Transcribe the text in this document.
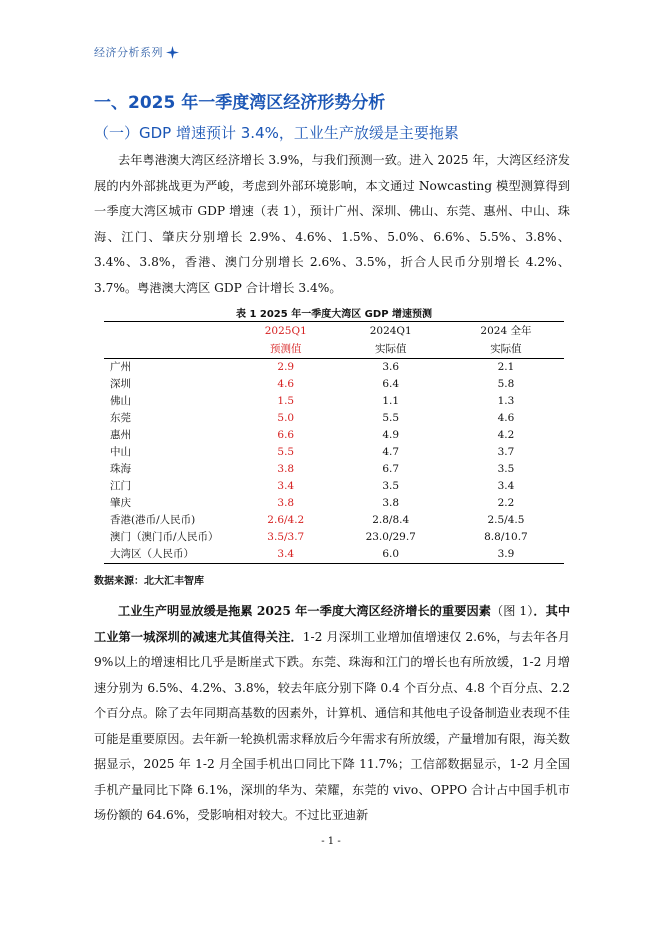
经济分析系列
一、2025 年一季度湾区经济形势分析
（一）GDP 增速预计 3.4%，工业生产放缓是主要拖累

去年粤港澳大湾区经济增长 3.9%，与我们预测一致。进入 2025 年，大湾区经济发展的内外部挑战更为严峻，考虑到外部环境影响，本文通过 Nowcasting 模型测算得到一季度大湾区城市 GDP 增速（表 1），预计广州、深圳、佛山、东莞、惠州、中山、珠海、江门、肇庆分别增长 2.9%、4.6%、1.5%、5.0%、6.6%、5.5%、3.8%、3.4%、3.8%，香港、澳门分别增长 2.6%、3.5%，折合人民币分别增长 4.2%、3.7%。粤港澳大湾区 GDP 合计增长 3.4%。

表 1 2025 年一季度大湾区 GDP 增速预测
	2025Q1	2024Q1	2024 全年
	预测值	实际值	实际值
广州	2.9	3.6	2.1
深圳	4.6	6.4	5.8
佛山	1.5	1.1	1.3
东莞	5.0	5.5	4.6
惠州	6.6	4.9	4.2
中山	5.5	4.7	3.7
珠海	3.8	6.7	3.5
江门	3.4	3.5	3.4
肇庆	3.8	3.8	2.2
香港(港币/人民币)	2.6/4.2	2.8/8.4	2.5/4.5
澳门（澳门币/人民币）	3.5/3.7	23.0/29.7	8.8/10.7
大湾区（人民币）	3.4	6.0	3.9
数据来源：北大汇丰智库

工业生产明显放缓是拖累 2025 年一季度大湾区经济增长的重要因素（图 1）．其中工业第一城深圳的减速尤其值得关注．1-2 月深圳工业增加值增速仅 2.6%，与去年各月 9%以上的增速相比几乎是断崖式下跌。东莞、珠海和江门的增长也有所放缓，1-2 月增速分别为 6.5%、4.2%、3.8%，较去年底分别下降 0.4 个百分点、4.8 个百分点、2.2 个百分点。除了去年同期高基数的因素外，计算机、通信和其他电子设备制造业表现不佳可能是重要原因。去年新一轮换机需求释放后今年需求有所放缓，产量增加有限，海关数据显示，2025 年 1-2 月全国手机出口同比下降 11.7%；工信部数据显示，1-2 月全国手机产量同比下降 6.1%，深圳的华为、荣耀，东莞的 vivo、OPPO 合计占中国手机市场份额的 64.6%，受影响相对较大。不过比亚迪新

- 1 -
